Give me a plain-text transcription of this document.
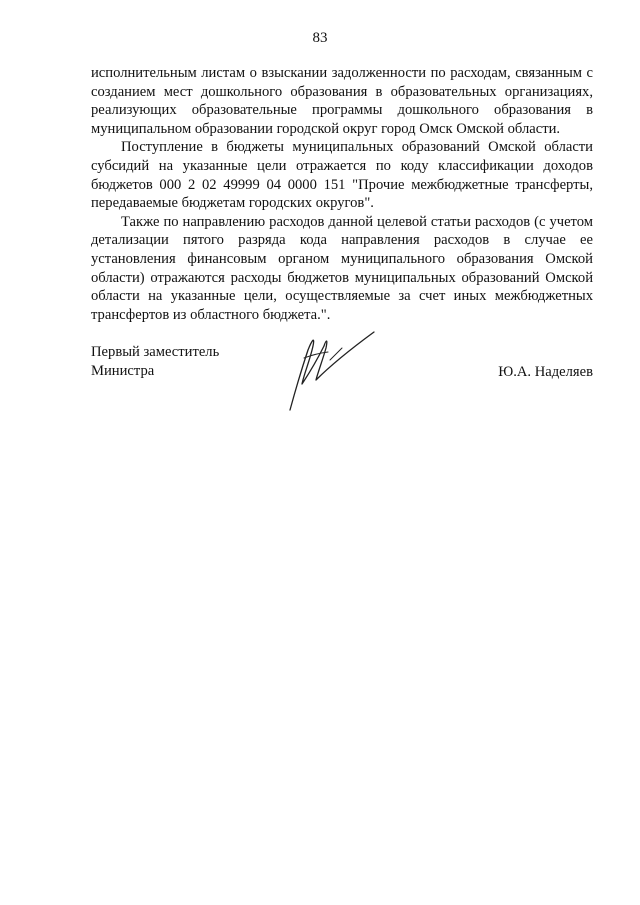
83

исполнительным листам о взыскании задолженности по расходам, связанным с созданием мест дошкольного образования в образовательных организациях, реализующих образовательные программы дошкольного образования в муниципальном образовании городской округ город Омск Омской области.

Поступление в бюджеты муниципальных образований Омской области субсидий на указанные цели отражается по коду классификации доходов бюджетов 000 2 02 49999 04 0000 151 "Прочие межбюджетные трансферты, передаваемые бюджетам городских округов".

Также по направлению расходов данной целевой статьи расходов (с учетом детализации пятого разряда кода направления расходов в случае ее установления финансовым органом муниципального образования Омской области) отражаются расходы бюджетов муниципальных образований Омской области на указанные цели, осуществляемые за счет иных межбюджетных трансфертов из областного бюджета.".

Первый заместитель
Министра	Ю.А. Наделяев
